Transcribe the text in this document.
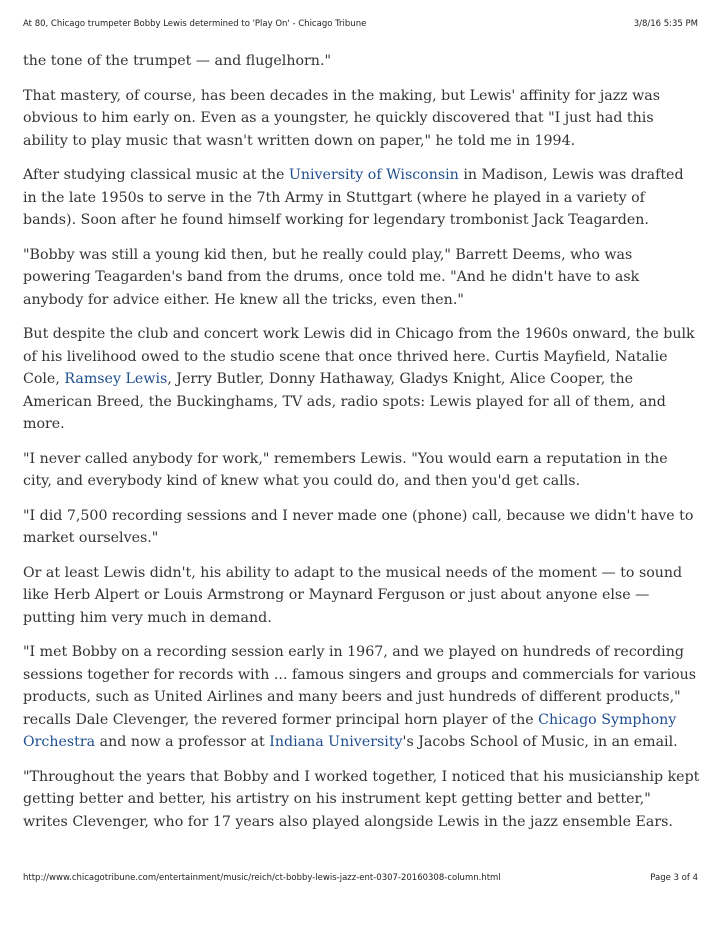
At 80, Chicago trumpeter Bobby Lewis determined to 'Play On' - Chicago Tribune	3/8/16 5:35 PM

the tone of the trumpet — and flugelhorn."

That mastery, of course, has been decades in the making, but Lewis' affinity for jazz was obvious to him early on. Even as a youngster, he quickly discovered that "I just had this ability to play music that wasn't written down on paper," he told me in 1994.

After studying classical music at the University of Wisconsin in Madison, Lewis was drafted in the late 1950s to serve in the 7th Army in Stuttgart (where he played in a variety of bands). Soon after he found himself working for legendary trombonist Jack Teagarden.

"Bobby was still a young kid then, but he really could play," Barrett Deems, who was powering Teagarden's band from the drums, once told me. "And he didn't have to ask anybody for advice either. He knew all the tricks, even then."

But despite the club and concert work Lewis did in Chicago from the 1960s onward, the bulk of his livelihood owed to the studio scene that once thrived here. Curtis Mayfield, Natalie Cole, Ramsey Lewis, Jerry Butler, Donny Hathaway, Gladys Knight, Alice Cooper, the American Breed, the Buckinghams, TV ads, radio spots: Lewis played for all of them, and more.

"I never called anybody for work," remembers Lewis. "You would earn a reputation in the city, and everybody kind of knew what you could do, and then you'd get calls.

"I did 7,500 recording sessions and I never made one (phone) call, because we didn't have to market ourselves."

Or at least Lewis didn't, his ability to adapt to the musical needs of the moment — to sound like Herb Alpert or Louis Armstrong or Maynard Ferguson or just about anyone else — putting him very much in demand.

"I met Bobby on a recording session early in 1967, and we played on hundreds of recording sessions together for records with ... famous singers and groups and commercials for various products, such as United Airlines and many beers and just hundreds of different products," recalls Dale Clevenger, the revered former principal horn player of the Chicago Symphony Orchestra and now a professor at Indiana University's Jacobs School of Music, in an email.

"Throughout the years that Bobby and I worked together, I noticed that his musicianship kept getting better and better, his artistry on his instrument kept getting better and better," writes Clevenger, who for 17 years also played alongside Lewis in the jazz ensemble Ears.

http://www.chicagotribune.com/entertainment/music/reich/ct-bobby-lewis-jazz-ent-0307-20160308-column.html	Page 3 of 4
